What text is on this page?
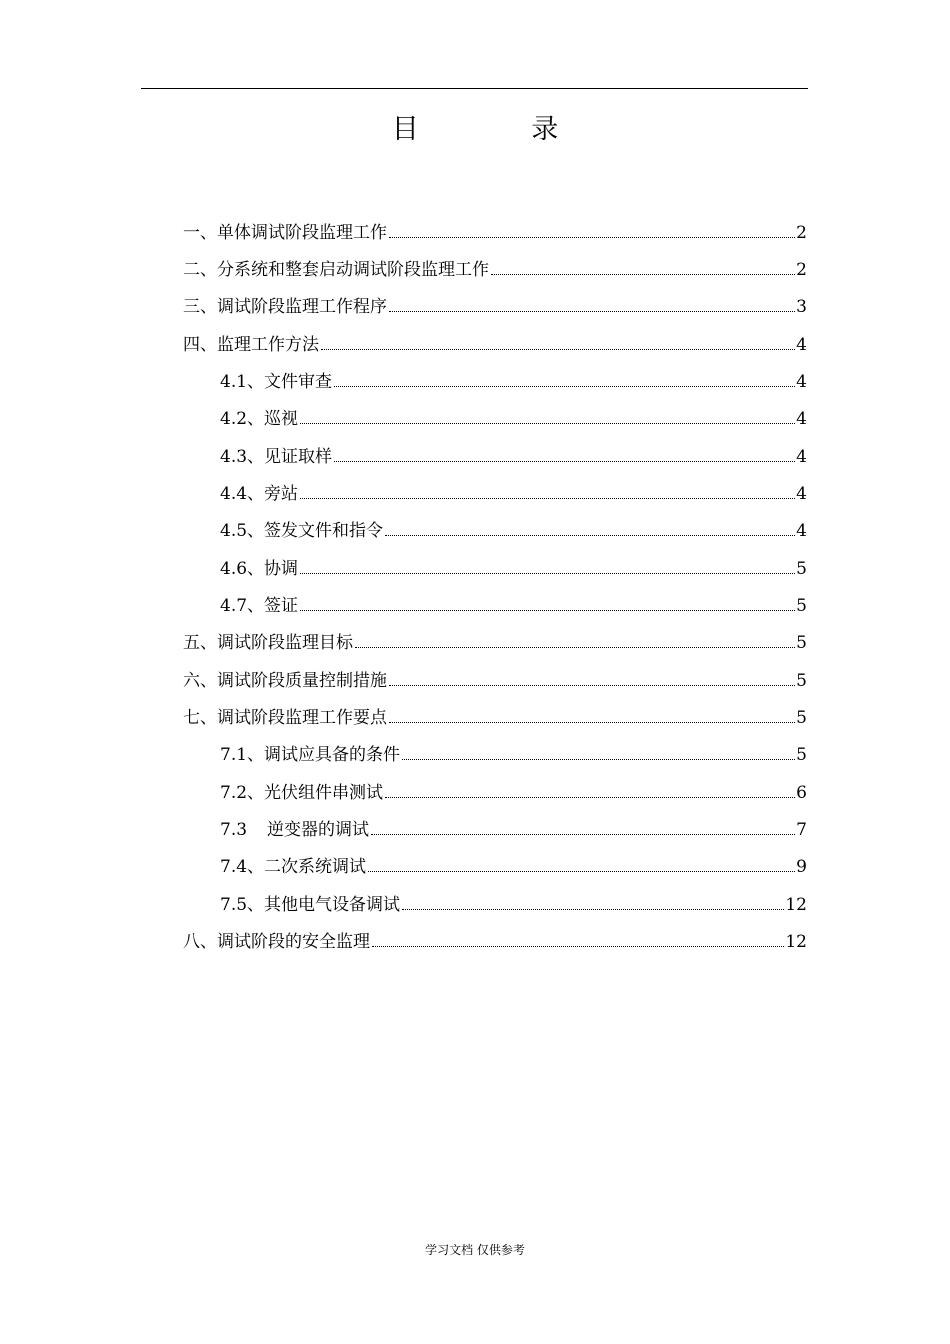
目 录
一、 单体调试阶段监理工作	2
二、 分系统和整套启动调试阶段监理工作	2
三、 调试阶段监理工作程序	3
四、 监理工作方法	4
4.1、 文件审查	4
4.2、 巡视	4
4.3、 见证取样	4
4.4、 旁站	4
4.5、 签发文件和指令	4
4.6、 协调	5
4.7、 签证	5
五、 调试阶段监理目标	5
六、 调试阶段质量控制措施	5
七、 调试阶段监理工作要点	5
7.1、 调试应具备的条件	5
7.2、 光伏组件串测试	6
7.3 逆变器的调试	7
7.4、 二次系统调试	9
7.5、 其他电气设备调试	12
八、 调试阶段的安全监理	12
学习文档 仅供参考
